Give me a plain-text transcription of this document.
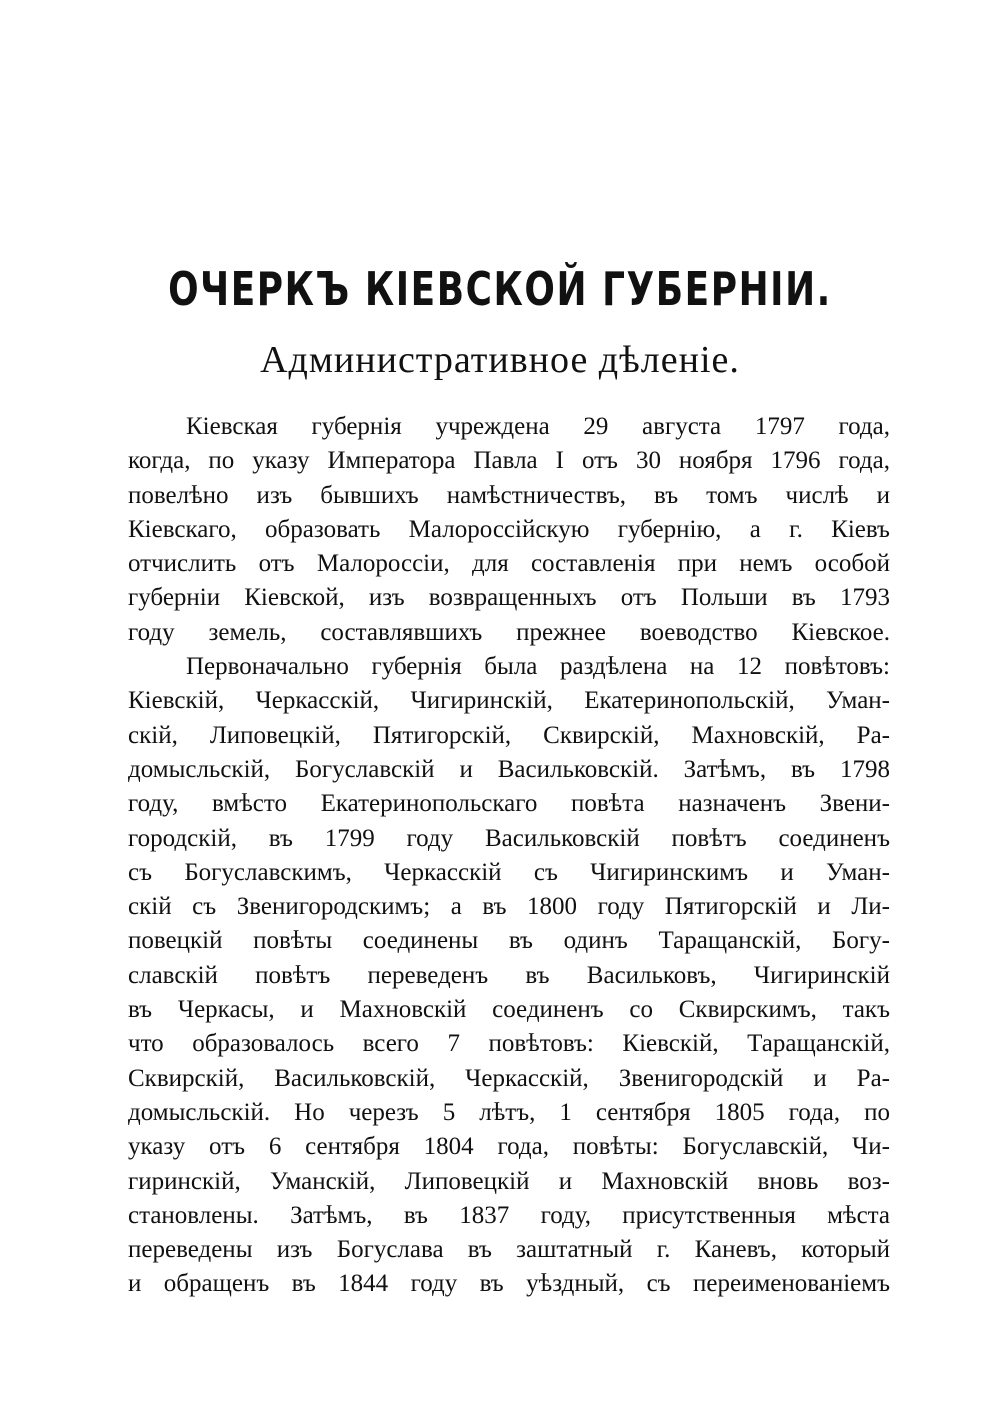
ОЧЕРКЪ КІЕВСКОЙ ГУБЕРНІИ.
Административное дѣленіе.
Кіевская губернія учреждена 29 августа 1797 года,
когда, по указу Императора Павла I отъ 30 ноября 1796 года,
повелѣно изъ бывшихъ намѣстничествъ, въ томъ числѣ и
Кіевскаго, образовать Малороссійскую губернію, а г. Кіевъ
отчислить отъ Малороссіи, для составленія при немъ особой
губерніи Кіевской, изъ возвращенныхъ отъ Польши въ 1793
году земель, составлявшихъ прежнее воеводство Кіевское.
Первоначально губернія была раздѣлена на 12 повѣтовъ:
Кіевскій, Черкасскій, Чигиринскій, Екатеринопольскій, Уман-
скій, Липовецкій, Пятигорскій, Сквирскій, Махновскій, Ра-
домысльскій, Богуславскій и Васильковскій. Затѣмъ, въ 1798
году, вмѣсто Екатеринопольскаго повѣта назначенъ Звени-
городскій, въ 1799 году Васильковскій повѣтъ соединенъ
съ Богуславскимъ, Черкасскій съ Чигиринскимъ и Уман-
скій съ Звенигородскимъ; а въ 1800 году Пятигорскій и Ли-
повецкій повѣты соединены въ одинъ Таращанскій, Богу-
славскій повѣтъ переведенъ въ Васильковъ, Чигиринскій
въ Черкасы, и Махновскій соединенъ со Сквирскимъ, такъ
что образовалось всего 7 повѣтовъ: Кіевскій, Таращанскій,
Сквирскій, Васильковскій, Черкасскій, Звенигородскій и Ра-
домысльскій. Но черезъ 5 лѣтъ, 1 сентября 1805 года, по
указу отъ 6 сентября 1804 года, повѣты: Богуславскій, Чи-
гиринскій, Уманскій, Липовецкій и Махновскій вновь воз-
становлены. Затѣмъ, въ 1837 году, присутственныя мѣста
переведены изъ Богуслава въ заштатный г. Каневъ, который
и обращенъ въ 1844 году въ уѣздный, съ переименованіемъ
